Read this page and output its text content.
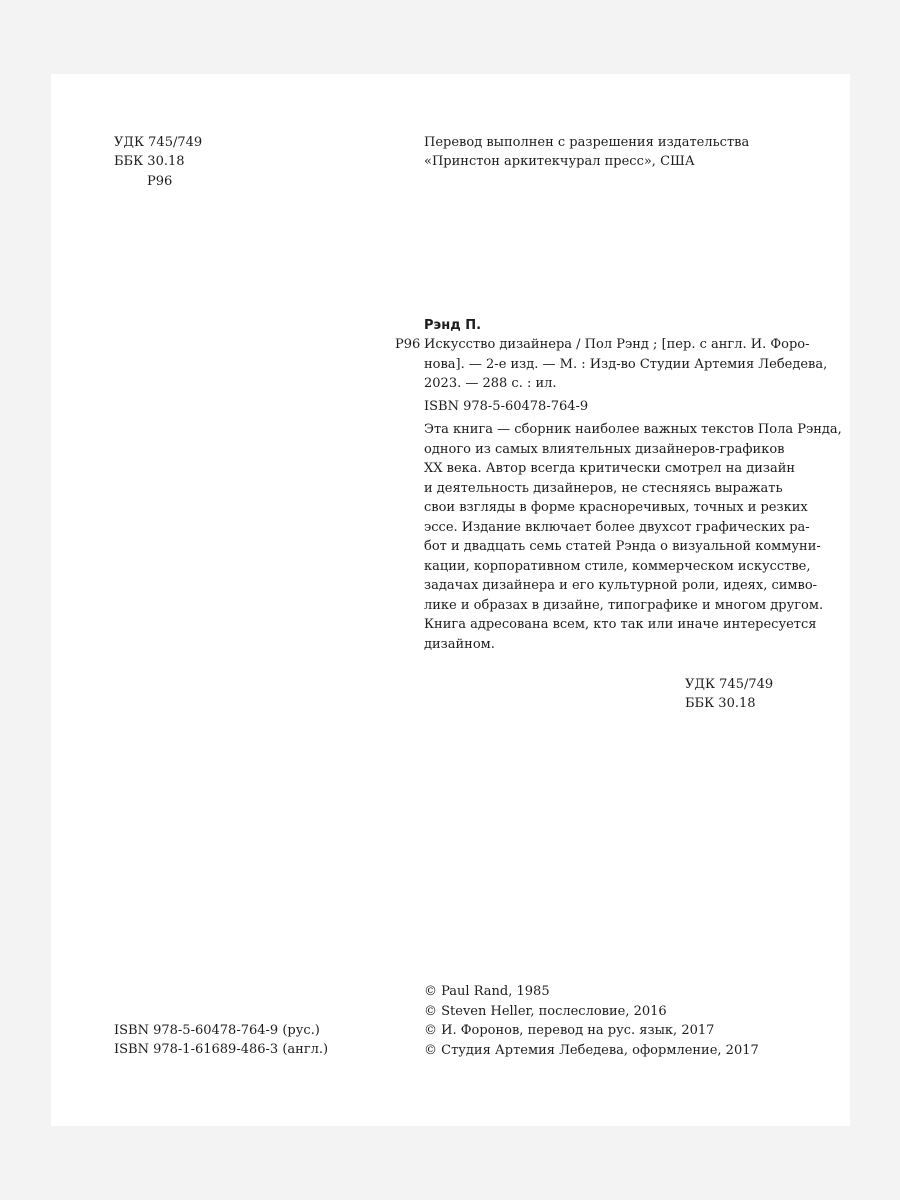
УДК 745/749
ББК 30.18
Р96
Перевод выполнен с разрешения издательства
«Принстон аркитекчурал пресс», США
Рэнд П.
Р96 Искусство дизайнера / Пол Рэнд ; [пер. с англ. И. Форо-
нова]. — 2-е изд. — М. : Изд-во Студии Артемия Лебедева,
2023. — 288 с. : ил.
ISBN 978-5-60478-764-9
Эта книга — сборник наиболее важных текстов Пола Рэнда,
одного из самых влиятельных дизайнеров-графиков
XX века. Автор всегда критически смотрел на дизайн
и деятельность дизайнеров, не стесняясь выражать
свои взгляды в форме красноречивых, точных и резких
эссе. Издание включает более двухсот графических ра-
бот и двадцать семь статей Рэнда о визуальной коммуни-
кации, корпоративном стиле, коммерческом искусстве,
задачах дизайнера и его культурной роли, идеях, симво-
лике и образах в дизайне, типографике и многом другом.
Книга адресована всем, кто так или иначе интересуется
дизайном.
УДК 745/749
ББК 30.18
© Paul Rand, 1985
© Steven Heller, послесловие, 2016
© И. Форонов, перевод на рус. язык, 2017
© Студия Артемия Лебедева, оформление, 2017
ISBN 978-5-60478-764-9 (рус.)
ISBN 978-1-61689-486-3 (англ.)
